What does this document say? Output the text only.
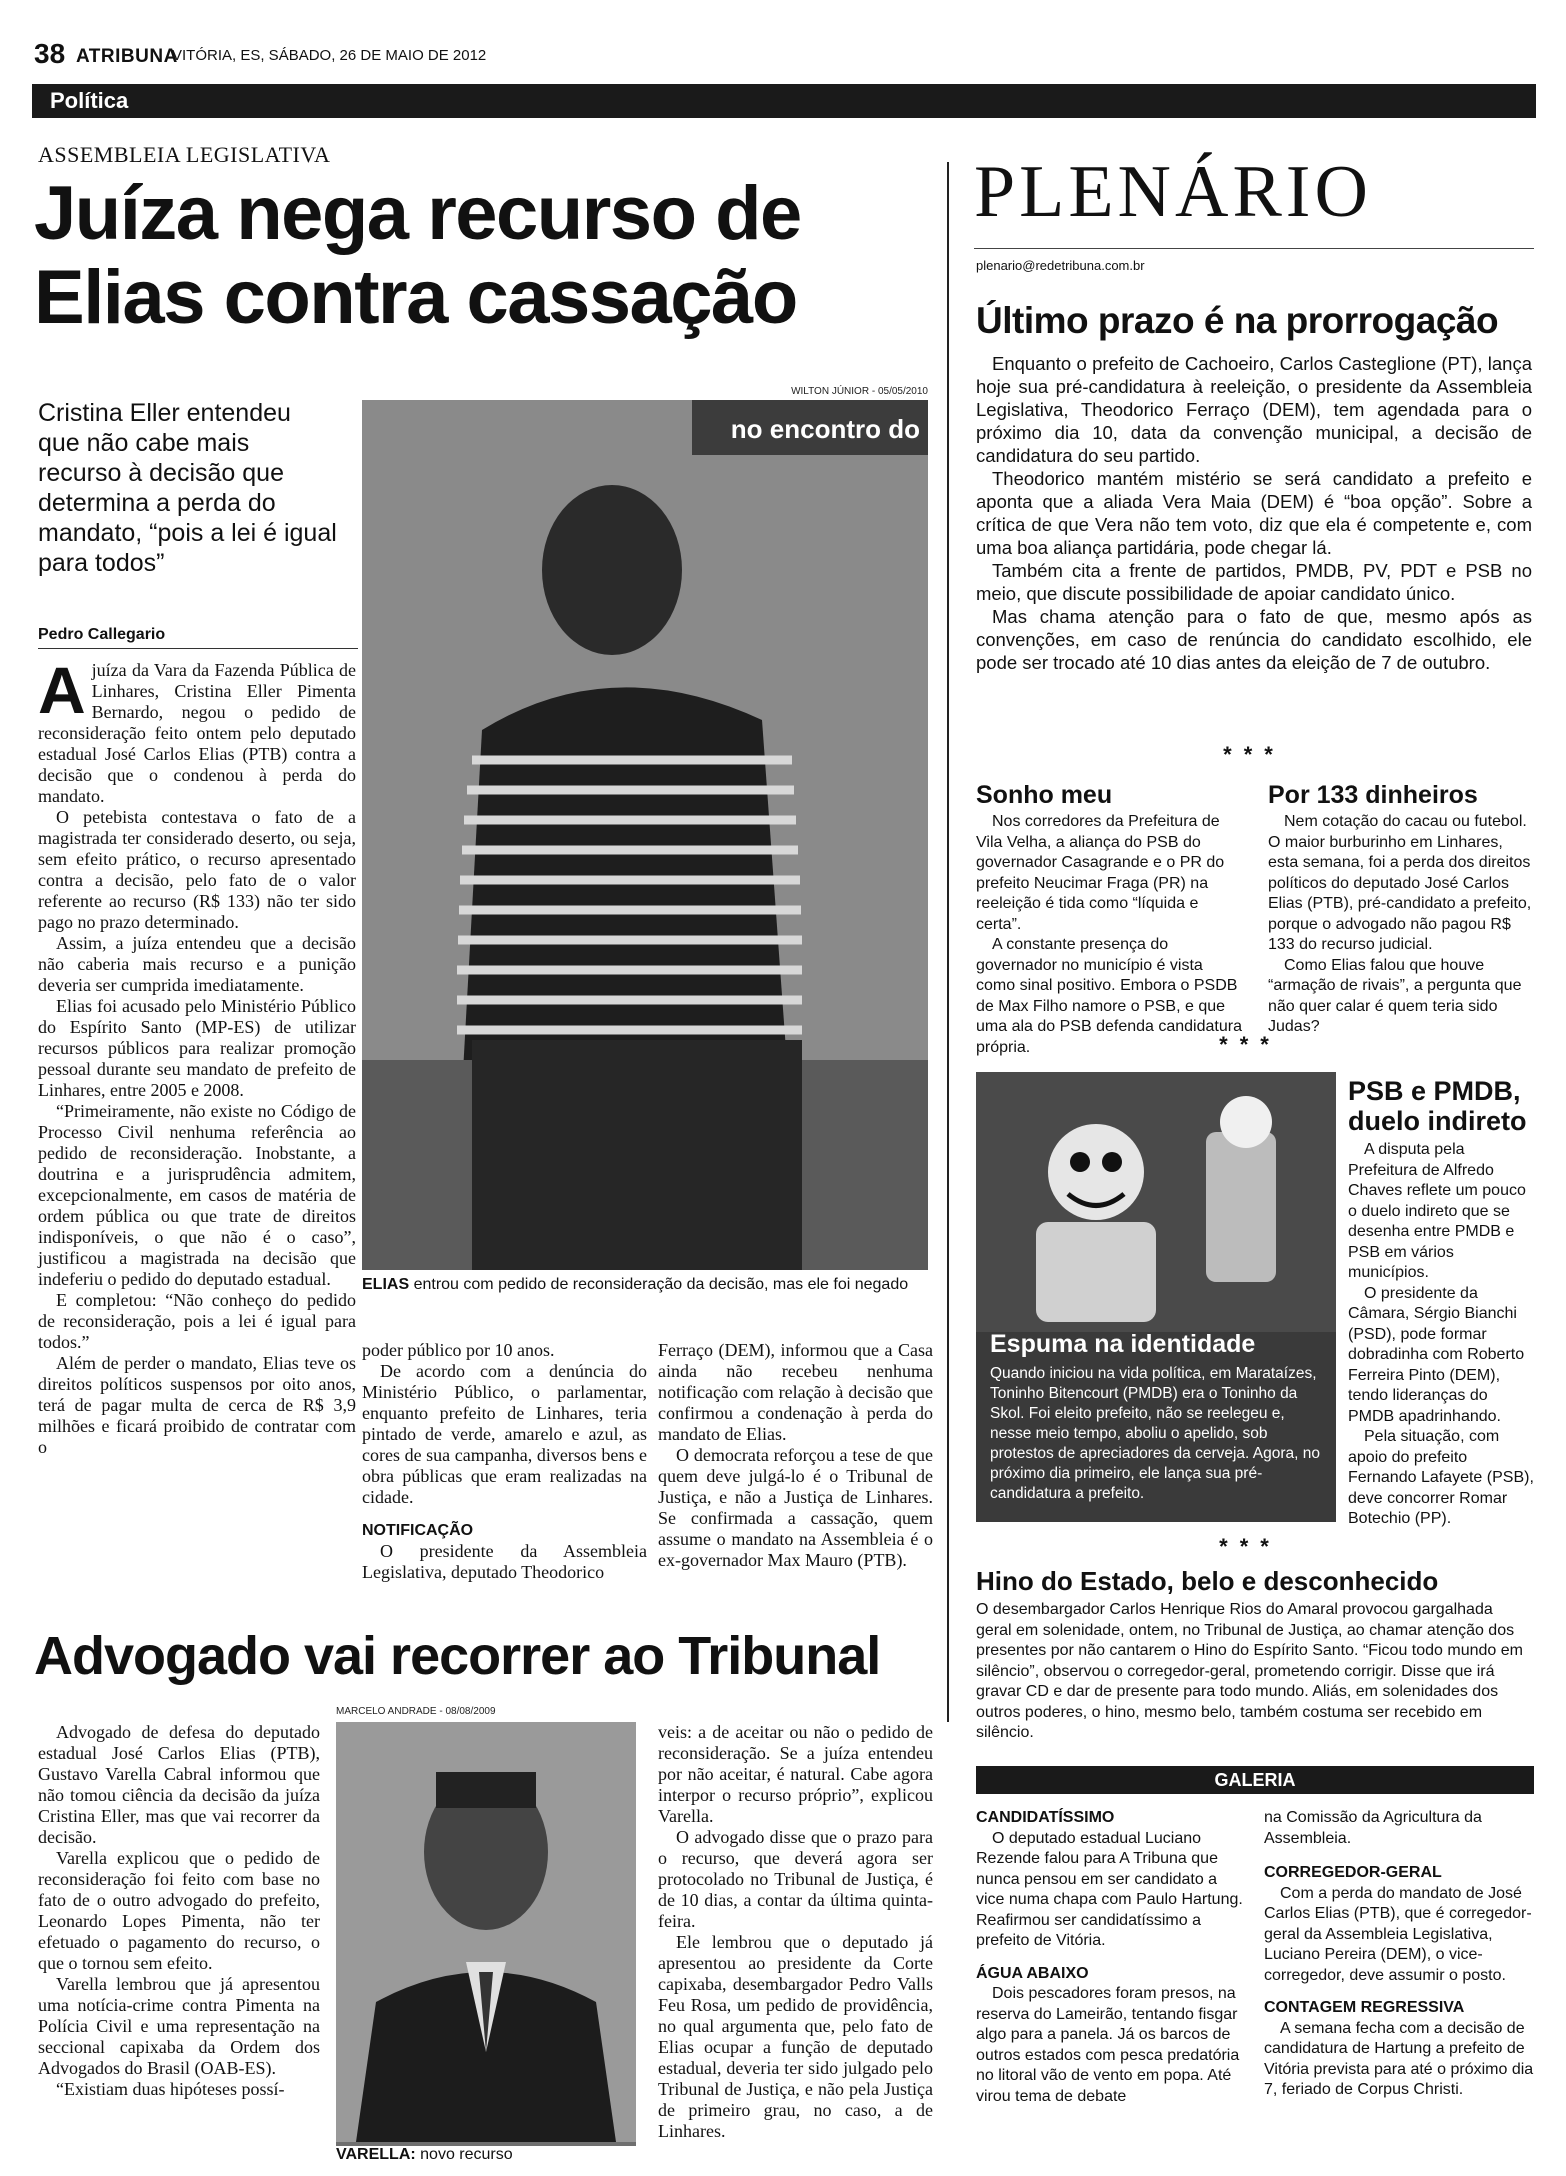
38 ATRIBUNA
VITÓRIA, ES, SÁBADO, 26 DE MAIO DE 2012
Política
ASSEMBLEIA LEGISLATIVA
Juíza nega recurso de
Elias contra cassação
Cristina Eller entendeu que não cabe mais recurso à decisão que determina a perda do mandato, “pois a lei é igual para todos”
Pedro Callegario
WILTON JÚNIOR - 05/05/2010
no encontro do
ELIAS entrou com pedido de reconsideração da decisão, mas ele foi negado

A juíza da Vara da Fazenda Pública de Linhares, Cristina Eller Pimenta Bernardo, negou o pedido de reconsideração feito ontem pelo deputado estadual José Carlos Elias (PTB) contra a decisão que o condenou à perda do mandato.

O petebista contestava o fato de a magistrada ter considerado deserto, ou seja, sem efeito prático, o recurso apresentado contra a decisão, pelo fato de o valor referente ao recurso (R$ 133) não ter sido pago no prazo determinado.

Assim, a juíza entendeu que a decisão não caberia mais recurso e a punição deveria ser cumprida imediatamente.

Elias foi acusado pelo Ministério Público do Espírito Santo (MP-ES) de utilizar recursos públicos para realizar promoção pessoal durante seu mandato de prefeito de Linhares, entre 2005 e 2008.

“Primeiramente, não existe no Código de Processo Civil nenhuma referência ao pedido de reconsideração. Inobstante, a doutrina e a jurisprudência admitem, excepcionalmente, em casos de matéria de ordem pública ou que trate de direitos indisponíveis, o que não é o caso”, justificou a magistrada na decisão que indeferiu o pedido do deputado estadual.

E completou: “Não conheço do pedido de reconsideração, pois a lei é igual para todos.”

Além de perder o mandato, Elias teve os direitos políticos suspensos por oito anos, terá de pagar multa de cerca de R$ 3,9 milhões e ficará proibido de contratar com o

poder público por 10 anos.

De acordo com a denúncia do Ministério Público, o parlamentar, enquanto prefeito de Linhares, teria pintado de verde, amarelo e azul, as cores de sua campanha, diversos bens e obra públicas que eram realizadas na cidade.

NOTIFICAÇÃO

O presidente da Assembleia Legislativa, deputado Theodorico

Ferraço (DEM), informou que a Casa ainda não recebeu nenhuma notificação com relação à decisão que confirmou a condenação à perda do mandato de Elias.

O democrata reforçou a tese de que quem deve julgá-lo é o Tribunal de Justiça, e não a Justiça de Linhares. Se confirmada a cassação, quem assume o mandato na Assembleia é o ex-governador Max Mauro (PTB).

Advogado vai recorrer ao Tribunal

Advogado de defesa do deputado estadual José Carlos Elias (PTB), Gustavo Varella Cabral informou que não tomou ciência da decisão da juíza Cristina Eller, mas que vai recorrer da decisão.

Varella explicou que o pedido de reconsideração foi feito com base no fato de o outro advogado do prefeito, Leonardo Lopes Pimenta, não ter efetuado o pagamento do recurso, o que o tornou sem efeito.

Varella lembrou que já apresentou uma notícia-crime contra Pimenta na Polícia Civil e uma representação na seccional capixaba da Ordem dos Advogados do Brasil (OAB-ES).

“Existiam duas hipóteses possí-

MARCELO ANDRADE - 08/08/2009
VARELLA: novo recurso

veis: a de aceitar ou não o pedido de reconsideração. Se a juíza entendeu por não aceitar, é natural. Cabe agora interpor o recurso próprio”, explicou Varella.

O advogado disse que o prazo para o recurso, que deverá agora ser protocolado no Tribunal de Justiça, é de 10 dias, a contar da última quinta-feira.

Ele lembrou que o deputado já apresentou ao presidente da Corte capixaba, desembargador Pedro Valls Feu Rosa, um pedido de providência, no qual argumenta que, pelo fato de Elias ocupar a função de deputado estadual, deveria ter sido julgado pelo Tribunal de Justiça, e não pela Justiça de primeiro grau, no caso, a de Linhares.

PLENÁRIO
plenario@redetribuna.com.br
Último prazo é na prorrogação

Enquanto o prefeito de Cachoeiro, Carlos Casteglione (PT), lança hoje sua pré-candidatura à reeleição, o presidente da Assembleia Legislativa, Theodorico Ferraço (DEM), tem agendada para o próximo dia 10, data da convenção municipal, a decisão de candidatura do seu partido.

Theodorico mantém mistério se será candidato a prefeito e aponta que a aliada Vera Maia (DEM) é “boa opção”. Sobre a crítica de que Vera não tem voto, diz que ela é competente e, com uma boa aliança partidária, pode chegar lá.

Também cita a frente de partidos, PMDB, PV, PDT e PSB no meio, que discute possibilidade de apoiar candidato único.

Mas chama atenção para o fato de que, mesmo após as convenções, em caso de renúncia do candidato escolhido, ele pode ser trocado até 10 dias antes da eleição de 7 de outubro.

***
Sonho meu

Nos corredores da Prefeitura de Vila Velha, a aliança do PSB do governador Casagrande e o PR do prefeito Neucimar Fraga (PR) na reeleição é tida como “líquida e certa”.

A constante presença do governador no município é vista como sinal positivo. Embora o PSDB de Max Filho namore o PSB, e que uma ala do PSB defenda candidatura própria.

Por 133 dinheiros

Nem cotação do cacau ou futebol. O maior burburinho em Linhares, esta semana, foi a perda dos direitos políticos do deputado José Carlos Elias (PTB), pré-candidato a prefeito, porque o advogado não pagou R$ 133 do recurso judicial.

Como Elias falou que houve “armação de rivais”, a pergunta que não quer calar é quem teria sido Judas?

***
Espuma na identidade
Quando iniciou na vida política, em Marataízes, Toninho Bitencourt (PMDB) era o Toninho da Skol. Foi eleito prefeito, não se reelegeu e, nesse meio tempo, aboliu o apelido, sob protestos de apreciadores da cerveja. Agora, no próximo dia primeiro, ele lança sua pré-candidatura a prefeito.
PSB e PMDB,
duelo indireto

A disputa pela Prefeitura de Alfredo Chaves reflete um pouco o duelo indireto que se desenha entre PMDB e PSB em vários municípios.

O presidente da Câmara, Sérgio Bianchi (PSD), pode formar dobradinha com Roberto Ferreira Pinto (DEM), tendo lideranças do PMDB apadrinhando.

Pela situação, com apoio do prefeito Fernando Lafayete (PSB), deve concorrer Romar Botechio (PP).

***
Hino do Estado, belo e desconhecido

O desembargador Carlos Henrique Rios do Amaral provocou gargalhada geral em solenidade, ontem, no Tribunal de Justiça, ao chamar atenção dos presentes por não cantarem o Hino do Espírito Santo. “Ficou todo mundo em silêncio”, observou o corregedor-geral, prometendo corrigir. Disse que irá gravar CD e dar de presente para todo mundo. Aliás, em solenidades dos outros poderes, o hino, mesmo belo, também costuma ser recebido em silêncio.

GALERIA
CANDIDATÍSSIMO

O deputado estadual Luciano Rezende falou para A Tribuna que nunca pensou em ser candidato a vice numa chapa com Paulo Hartung. Reafirmou ser candidatíssimo a prefeito de Vitória.

ÁGUA ABAIXO

Dois pescadores foram presos, na reserva do Lameirão, tentando fisgar algo para a panela. Já os barcos de outros estados com pesca predatória no litoral vão de vento em popa. Até virou tema de debate

na Comissão da Agricultura da Assembleia.

CORREGEDOR-GERAL

Com a perda do mandato de José Carlos Elias (PTB), que é corregedor-geral da Assembleia Legislativa, Luciano Pereira (DEM), o vice-corregedor, deve assumir o posto.

CONTAGEM REGRESSIVA

A semana fecha com a decisão de candidatura de Hartung a prefeito de Vitória prevista para até o próximo dia 7, feriado de Corpus Christi.
